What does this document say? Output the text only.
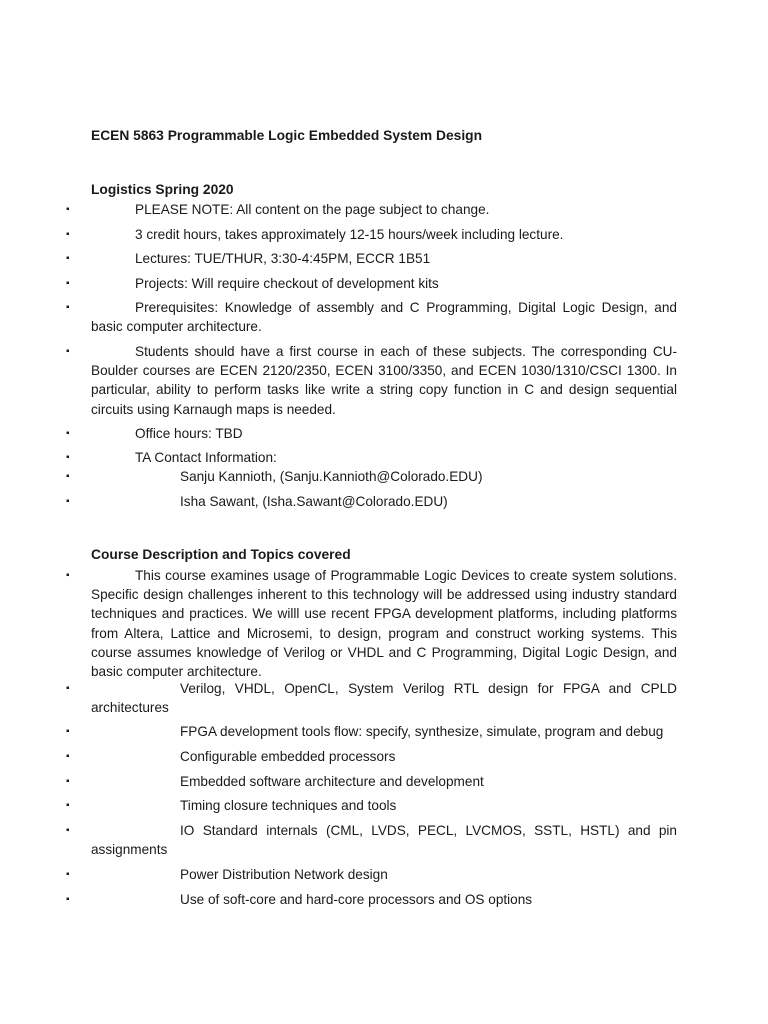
ECEN 5863 Programmable Logic Embedded System Design
Logistics Spring 2020
▪	PLEASE NOTE: All content on the page subject to change.
▪	3 credit hours, takes approximately 12-15 hours/week including lecture.
▪	Lectures: TUE/THUR, 3:30-4:45PM, ECCR 1B51
▪	Projects: Will require checkout of development kits
▪	Prerequisites: Knowledge of assembly and C Programming, Digital Logic Design, and basic computer architecture.
▪	Students should have a first course in each of these subjects. The corresponding CU-Boulder courses are ECEN 2120/2350, ECEN 3100/3350, and ECEN 1030/1310/CSCI 1300. In particular, ability to perform tasks like write a string copy function in C and design sequential circuits using Karnaugh maps is needed.
▪	Office hours: TBD
▪	TA Contact Information:
▪	Sanju Kannioth, (Sanju.Kannioth@Colorado.EDU)
▪	Isha Sawant, (Isha.Sawant@Colorado.EDU)
Course Description and Topics covered
▪	This course examines usage of Programmable Logic Devices to create system solutions. Specific design challenges inherent to this technology will be addressed using industry standard techniques and practices. We willl use recent FPGA development platforms, including platforms from Altera, Lattice and Microsemi, to design, program and construct working systems. This course assumes knowledge of Verilog or VHDL and C Programming, Digital Logic Design, and basic computer architecture.
▪	Verilog, VHDL, OpenCL, System Verilog RTL design for FPGA and CPLD architectures
▪	FPGA development tools flow: specify, synthesize, simulate, program and debug
▪	Configurable embedded processors
▪	Embedded software architecture and development
▪	Timing closure techniques and tools
▪	IO Standard internals (CML, LVDS, PECL, LVCMOS, SSTL, HSTL) and pin assignments
▪	Power Distribution Network design
▪	Use of soft-core and hard-core processors and OS options
